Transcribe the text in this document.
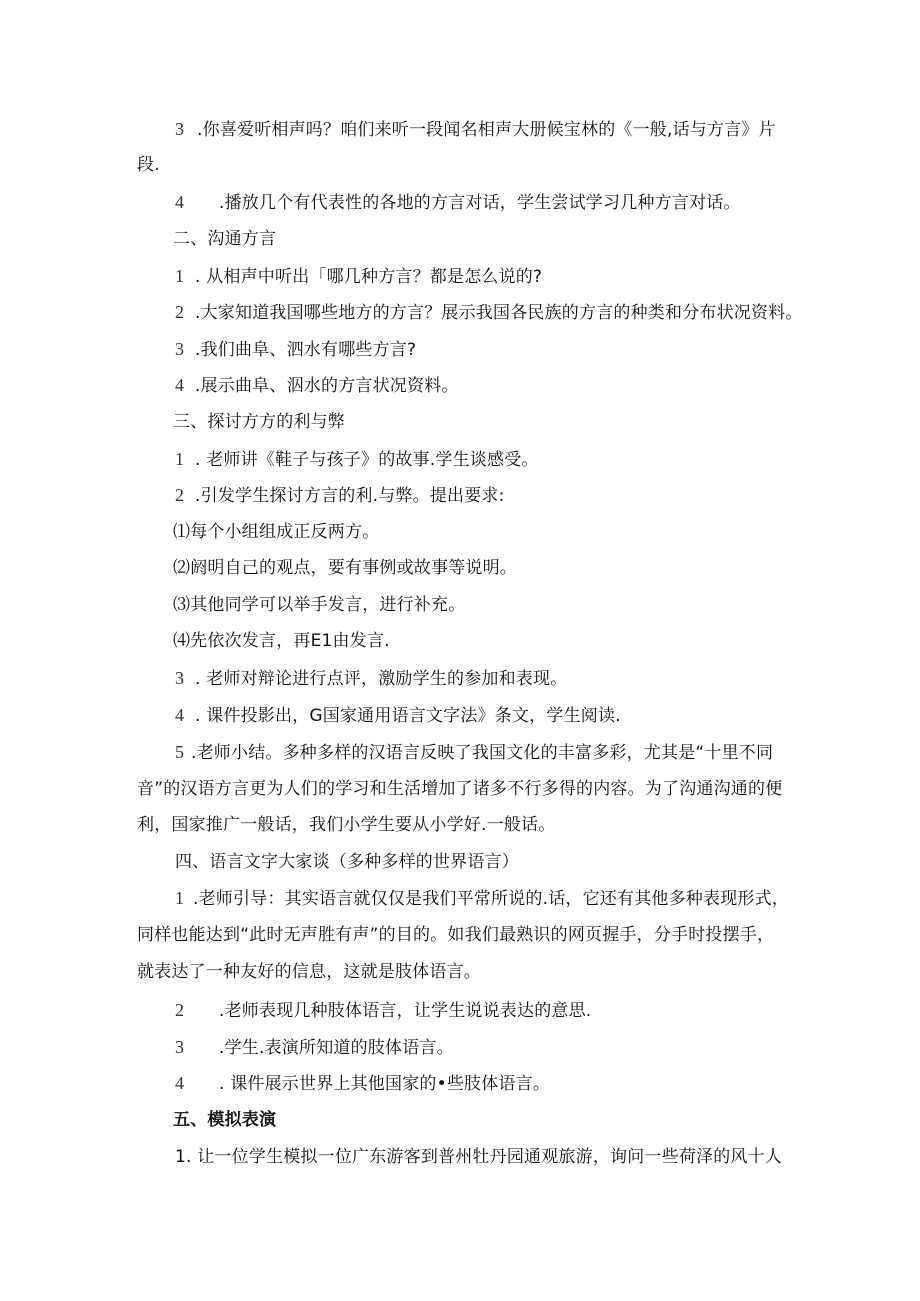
3 .你喜爱听相声吗？咱们来听一段闻名相声大册候宝林的《一般,话与方言》片
段.
4 .播放几个有代表性的各地的方言对话，学生尝试学习几种方言对话。
二、沟通方言
1 . 从相声中听出「哪几种方言？都是怎么说的?
2 .大家知道我国哪些地方的方言？展示我国各民族的方言的种类和分布状况资料。
3 .我们曲阜、泗水有哪些方言?
4 .展示曲阜、泅水的方言状况资料。
三、探讨方方的利与弊
1 . 老师讲《鞋子与孩子》的故事.学生谈感受。
2 .引发学生探讨方言的利.与弊。提出要求:
⑴每个小组组成正反两方。
⑵阏明自己的观点，要有事例或故事等说明。
⑶其他同学可以举手发言，进行补充。
⑷先依次发言，再E1由发言.
3 . 老师对辩论进行点评，激励学生的参加和表现。
4 . 课件投影出，G国家通用语言文字法》条文，学生阅读.
5 .老师小结。多种多样的汉语言反映了我国文化的丰富多彩，尤其是“十里不同
音”的汉语方言更为人们的学习和生活增加了诸多不行多得的内容。为了沟通沟通的便
利，国家推广一般话，我们小学生要从小学好.一般话。
四、语言文字大家谈（多种多样的世界语言）
1 .老师引导：其实语言就仅仅是我们平常所说的.话，它还有其他多种表现形式，
同样也能达到“此时无声胜有声”的目的。如我们最熟识的网页握手，分手时投摆手，
就表达了一种友好的信息，这就是肢体语言。
2 .老师表现几种肢体语言，让学生说说表达的意思.
3 .学生.表演所知道的肢体语言。
4 . 课件展示世界上其他国家的•些肢体语言。
五、模拟表演
1. 让一位学生模拟一位广东游客到普州牡丹园通观旅游，询问一些荷泽的风十人
